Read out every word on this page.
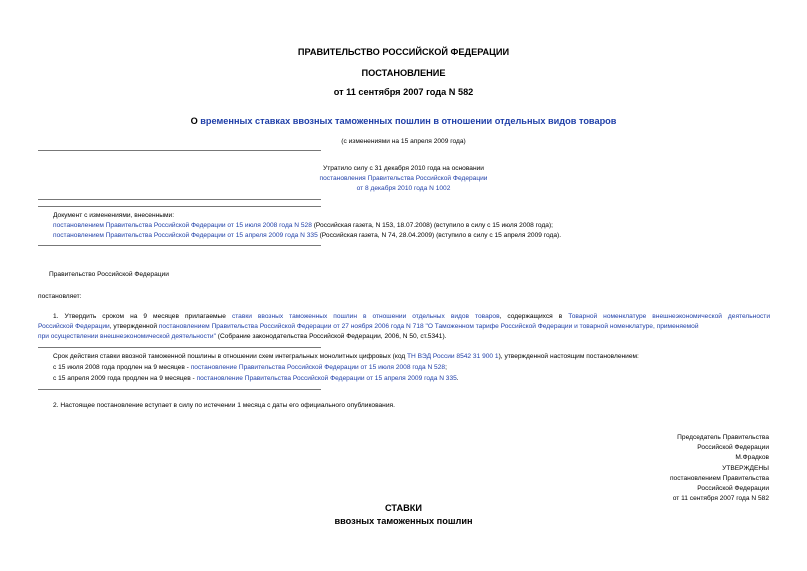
ПРАВИТЕЛЬСТВО РОССИЙСКОЙ ФЕДЕРАЦИИ
ПОСТАНОВЛЕНИЕ
от 11 сентября 2007 года N 582
О временных ставках ввозных таможенных пошлин в отношении отдельных видов товаров
(с изменениями на 15 апреля 2009 года)
Утратило силу с 31 декабря 2010 года на основании
постановления Правительства Российской Федерации
от 8 декабря 2010 года N 1002
Документ с изменениями, внесенными:
постановлением Правительства Российской Федерации от 15 июля 2008 года N 528 (Российская газета, N 153, 18.07.2008) (вступило в силу с 15 июля 2008 года);
постановлением Правительства Российской Федерации от 15 апреля 2009 года N 335 (Российская газета, N 74, 28.04.2009) (вступило в силу с 15 апреля 2009 года).
Правительство Российской Федерации
постановляет:
1. Утвердить сроком на 9 месяцев прилагаемые ставки ввозных таможенных пошлин в отношении отдельных видов товаров, содержащихся в Товарной номенклатуре внешнеэкономической деятельности
Российской Федерации, утвержденной постановлением Правительства Российской Федерации от 27 ноября 2006 года N 718 "О Таможенном тарифе Российской Федерации и товарной номенклатуре, применяемой
при осуществлении внешнеэкономической деятельности" (Собрание законодательства Российской Федерации, 2006, N 50, ст.5341).
Срок действия ставки ввозной таможенной пошлины в отношении схем интегральных монолитных цифровых (код ТН ВЭД России 8542 31 900 1), утвержденной настоящим постановлением:
с 15 июля 2008 года продлен на 9 месяцев - постановление Правительства Российской Федерации от 15 июля 2008 года N 528;
с 15 апреля 2009 года продлен на 9 месяцев - постановление Правительства Российской Федерации от 15 апреля 2009 года N 335.
2. Настоящее постановление вступает в силу по истечении 1 месяца с даты его официального опубликования.
Председатель Правительства
Российской Федерации
М.Фрадков
УТВЕРЖДЕНЫ
постановлением Правительства
Российской Федерации
от 11 сентября 2007 года N 582
СТАВКИ
ввозных таможенных пошлин
